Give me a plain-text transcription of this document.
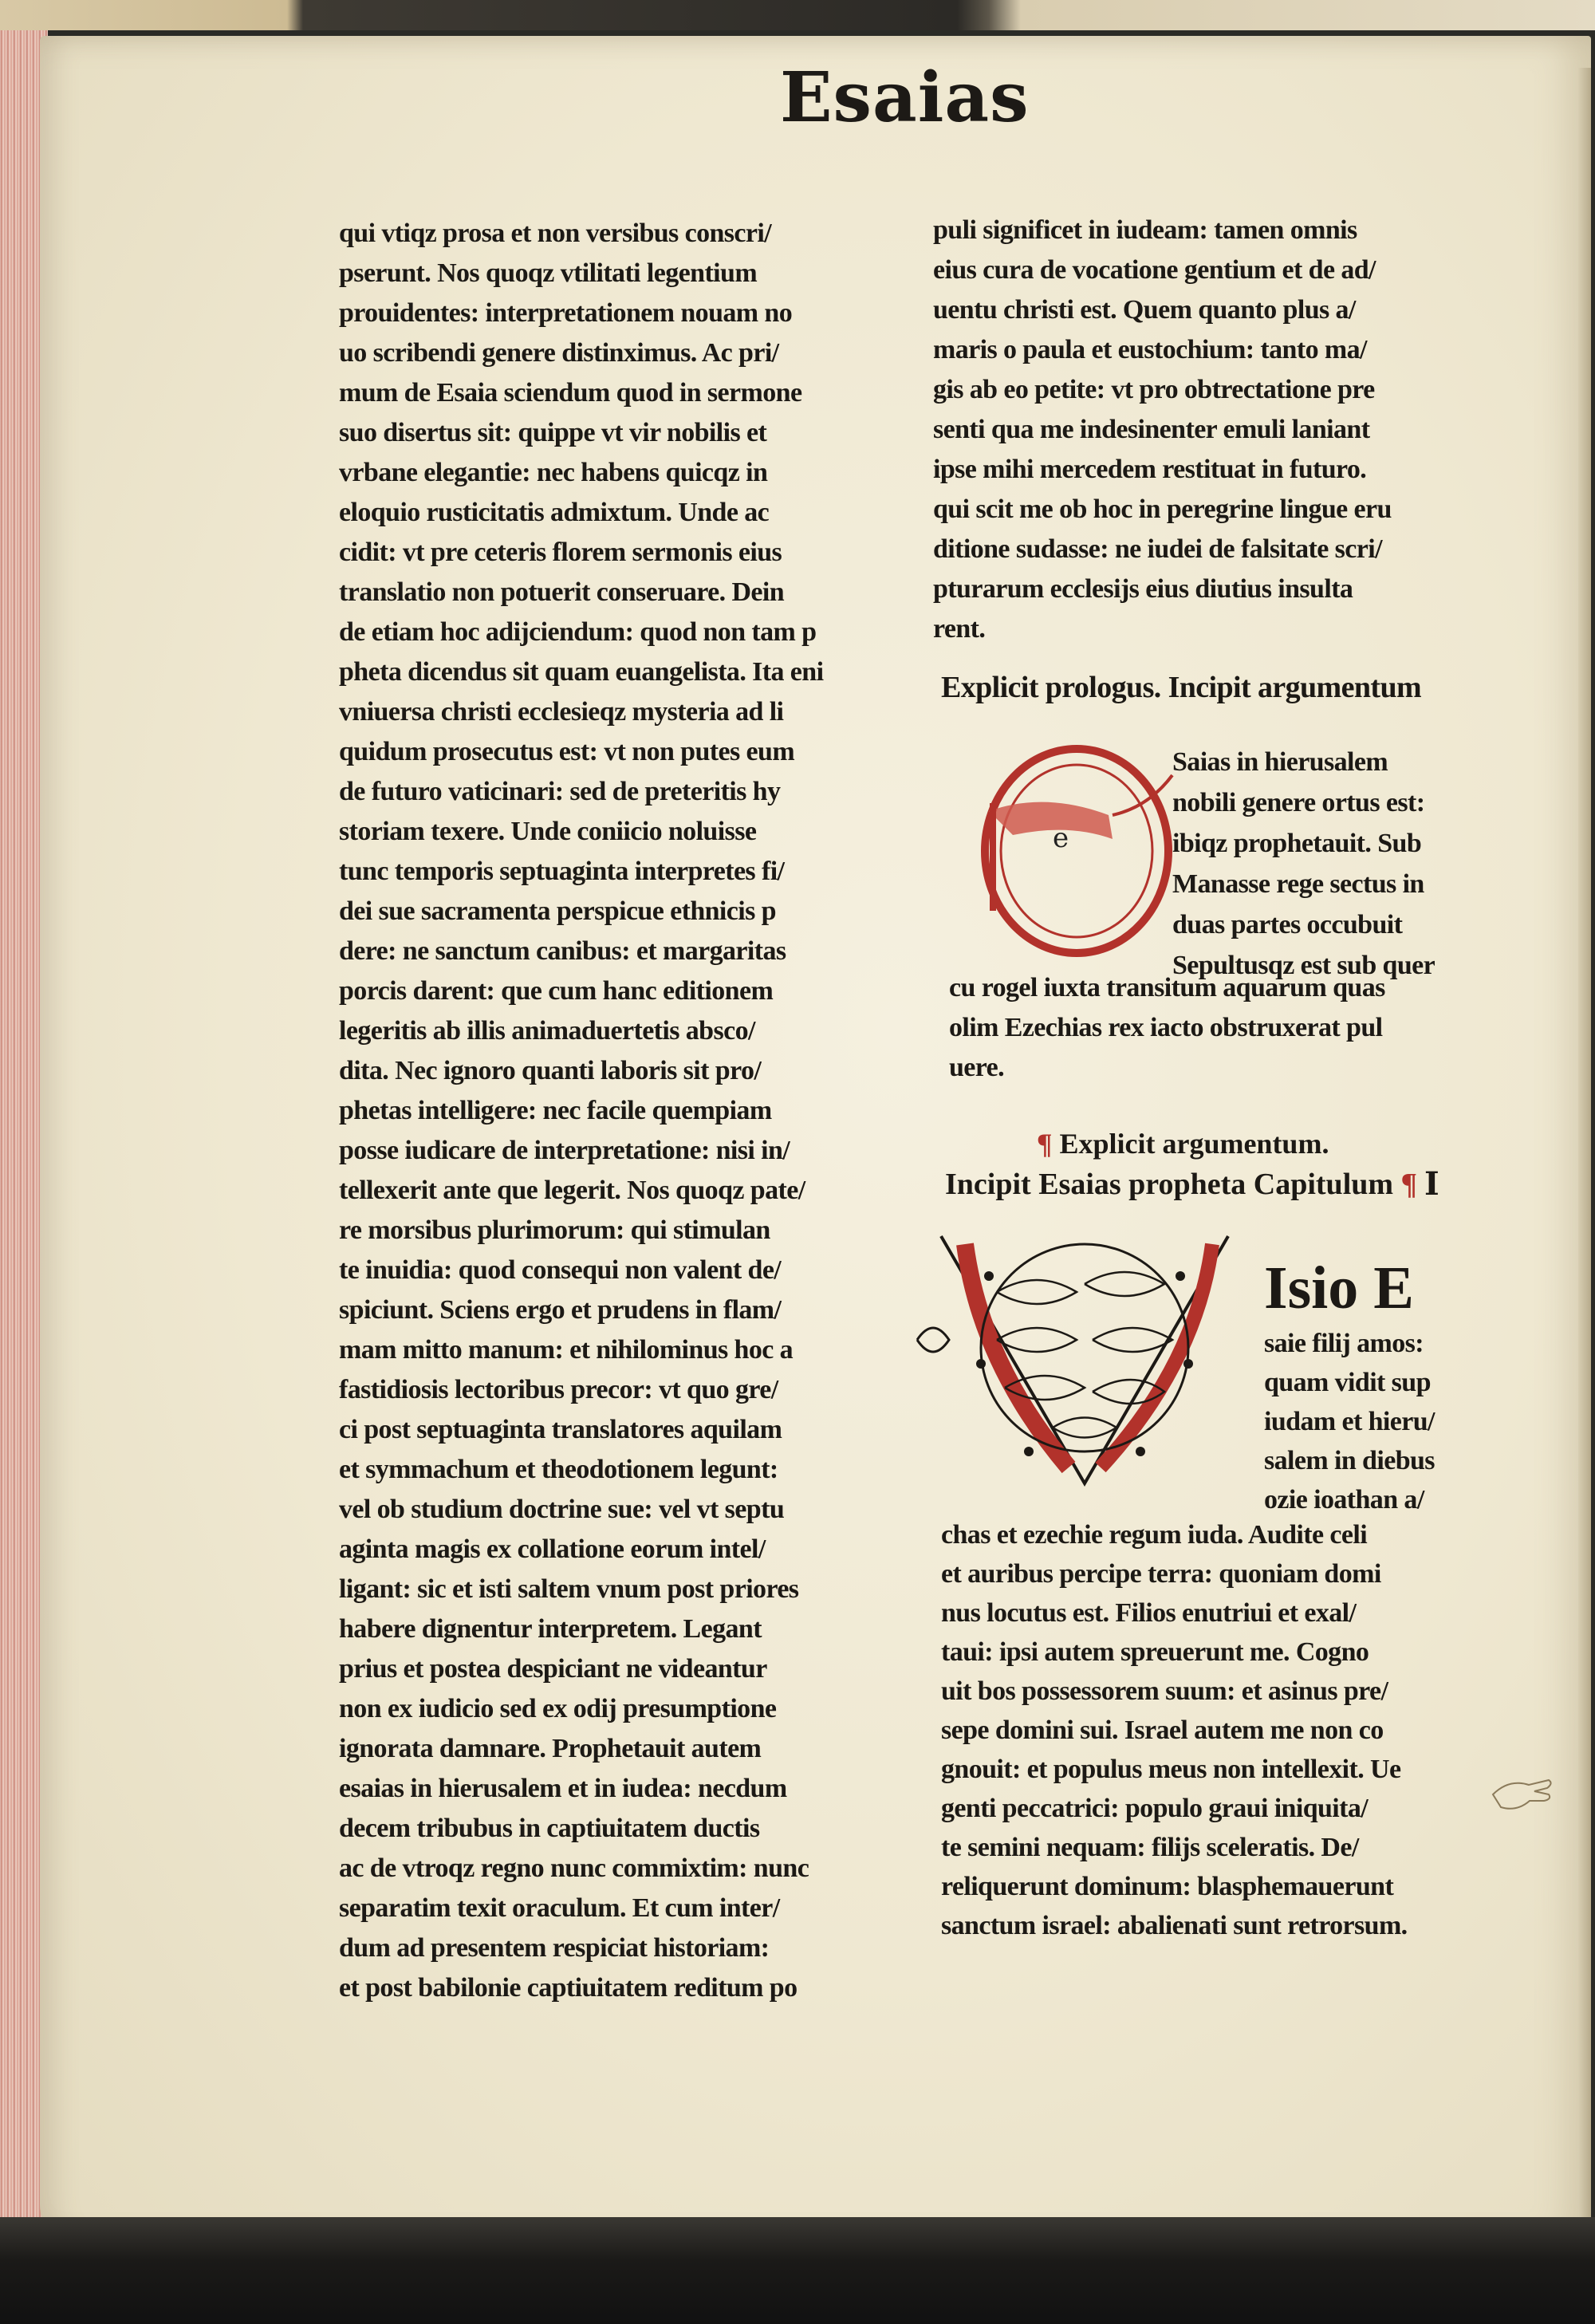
Esaias
qui vtiqz prosa et non versibus conscri/
pserunt. Nos quoqz vtilitati legentium
prouidentes: interpretationem nouam no
uo scribendi genere distinximus. Ac pri/
mum de Esaia sciendum quod in sermone
suo disertus sit: quippe vt vir nobilis et
vrbane elegantie: nec habens quicqz in
eloquio rusticitatis admixtum. Unde ac
cidit: vt pre ceteris florem sermonis eius
translatio non potuerit conseruare. Dein
de etiam hoc adijciendum: quod non tam p
pheta dicendus sit quam euangelista. Ita eni
vniuersa christi ecclesieqz mysteria ad li
quidum prosecutus est: vt non putes eum
de futuro vaticinari: sed de preteritis hy
storiam texere. Unde coniicio noluisse
tunc temporis septuaginta interpretes fi/
dei sue sacramenta perspicue ethnicis p
dere: ne sanctum canibus: et margaritas
porcis darent: que cum hanc editionem
legeritis ab illis animaduertetis absco/
dita. Nec ignoro quanti laboris sit pro/
phetas intelligere: nec facile quempiam
posse iudicare de interpretatione: nisi in/
tellexerit ante que legerit. Nos quoqz pate/
re morsibus plurimorum: qui stimulan
te inuidia: quod consequi non valent de/
spiciunt. Sciens ergo et prudens in flam/
mam mitto manum: et nihilominus hoc a
fastidiosis lectoribus precor: vt quo gre/
ci post septuaginta translatores aquilam
et symmachum et theodotionem legunt:
vel ob studium doctrine sue: vel vt septu
aginta magis ex collatione eorum intel/
ligant: sic et isti saltem vnum post priores
habere dignentur interpretem. Legant
prius et postea despiciant ne videantur
non ex iudicio sed ex odij presumptione
ignorata damnare. Prophetauit autem
esaias in hierusalem et in iudea: necdum
decem tribubus in captiuitatem ductis
ac de vtroqz regno nunc commixtim: nunc
separatim texit oraculum. Et cum inter/
dum ad presentem respiciat historiam:
et post babilonie captiuitatem reditum po
puli significet in iudeam: tamen omnis
eius cura de vocatione gentium et de ad/
uentu christi est. Quem quanto plus a/
maris o paula et eustochium: tanto ma/
gis ab eo petite: vt pro obtrectatione pre
senti qua me indesinenter emuli laniant
ipse mihi mercedem restituat in futuro.
qui scit me ob hoc in peregrine lingue eru
ditione sudasse: ne iudei de falsitate scri/
pturarum ecclesijs eius diutius insulta
rent.
Explicit prologus. Incipit argumentum
e
Saias in hierusalem
nobili genere ortus est:
ibiqz prophetauit. Sub
Manasse rege sectus in
duas partes occubuit
Sepultusqz est sub quer
cu rogel iuxta transitum aquarum quas
olim Ezechias rex iacto obstruxerat pul
uere.
¶ Explicit argumentum.
Incipit Esaias propheta Capitulum ¶ I
Isio E
saie filij amos:
quam vidit sup
iudam et hieru/
salem in diebus
ozie ioathan a/
chas et ezechie regum iuda. Audite celi
et auribus percipe terra: quoniam domi
nus locutus est. Filios enutriui et exal/
taui: ipsi autem spreuerunt me. Cogno
uit bos possessorem suum: et asinus pre/
sepe domini sui. Israel autem me non co
gnouit: et populus meus non intellexit. Ue
genti peccatrici: populo graui iniquita/
te semini nequam: filijs sceleratis. De/
reliquerunt dominum: blasphemauerunt
sanctum israel: abalienati sunt retrorsum.
